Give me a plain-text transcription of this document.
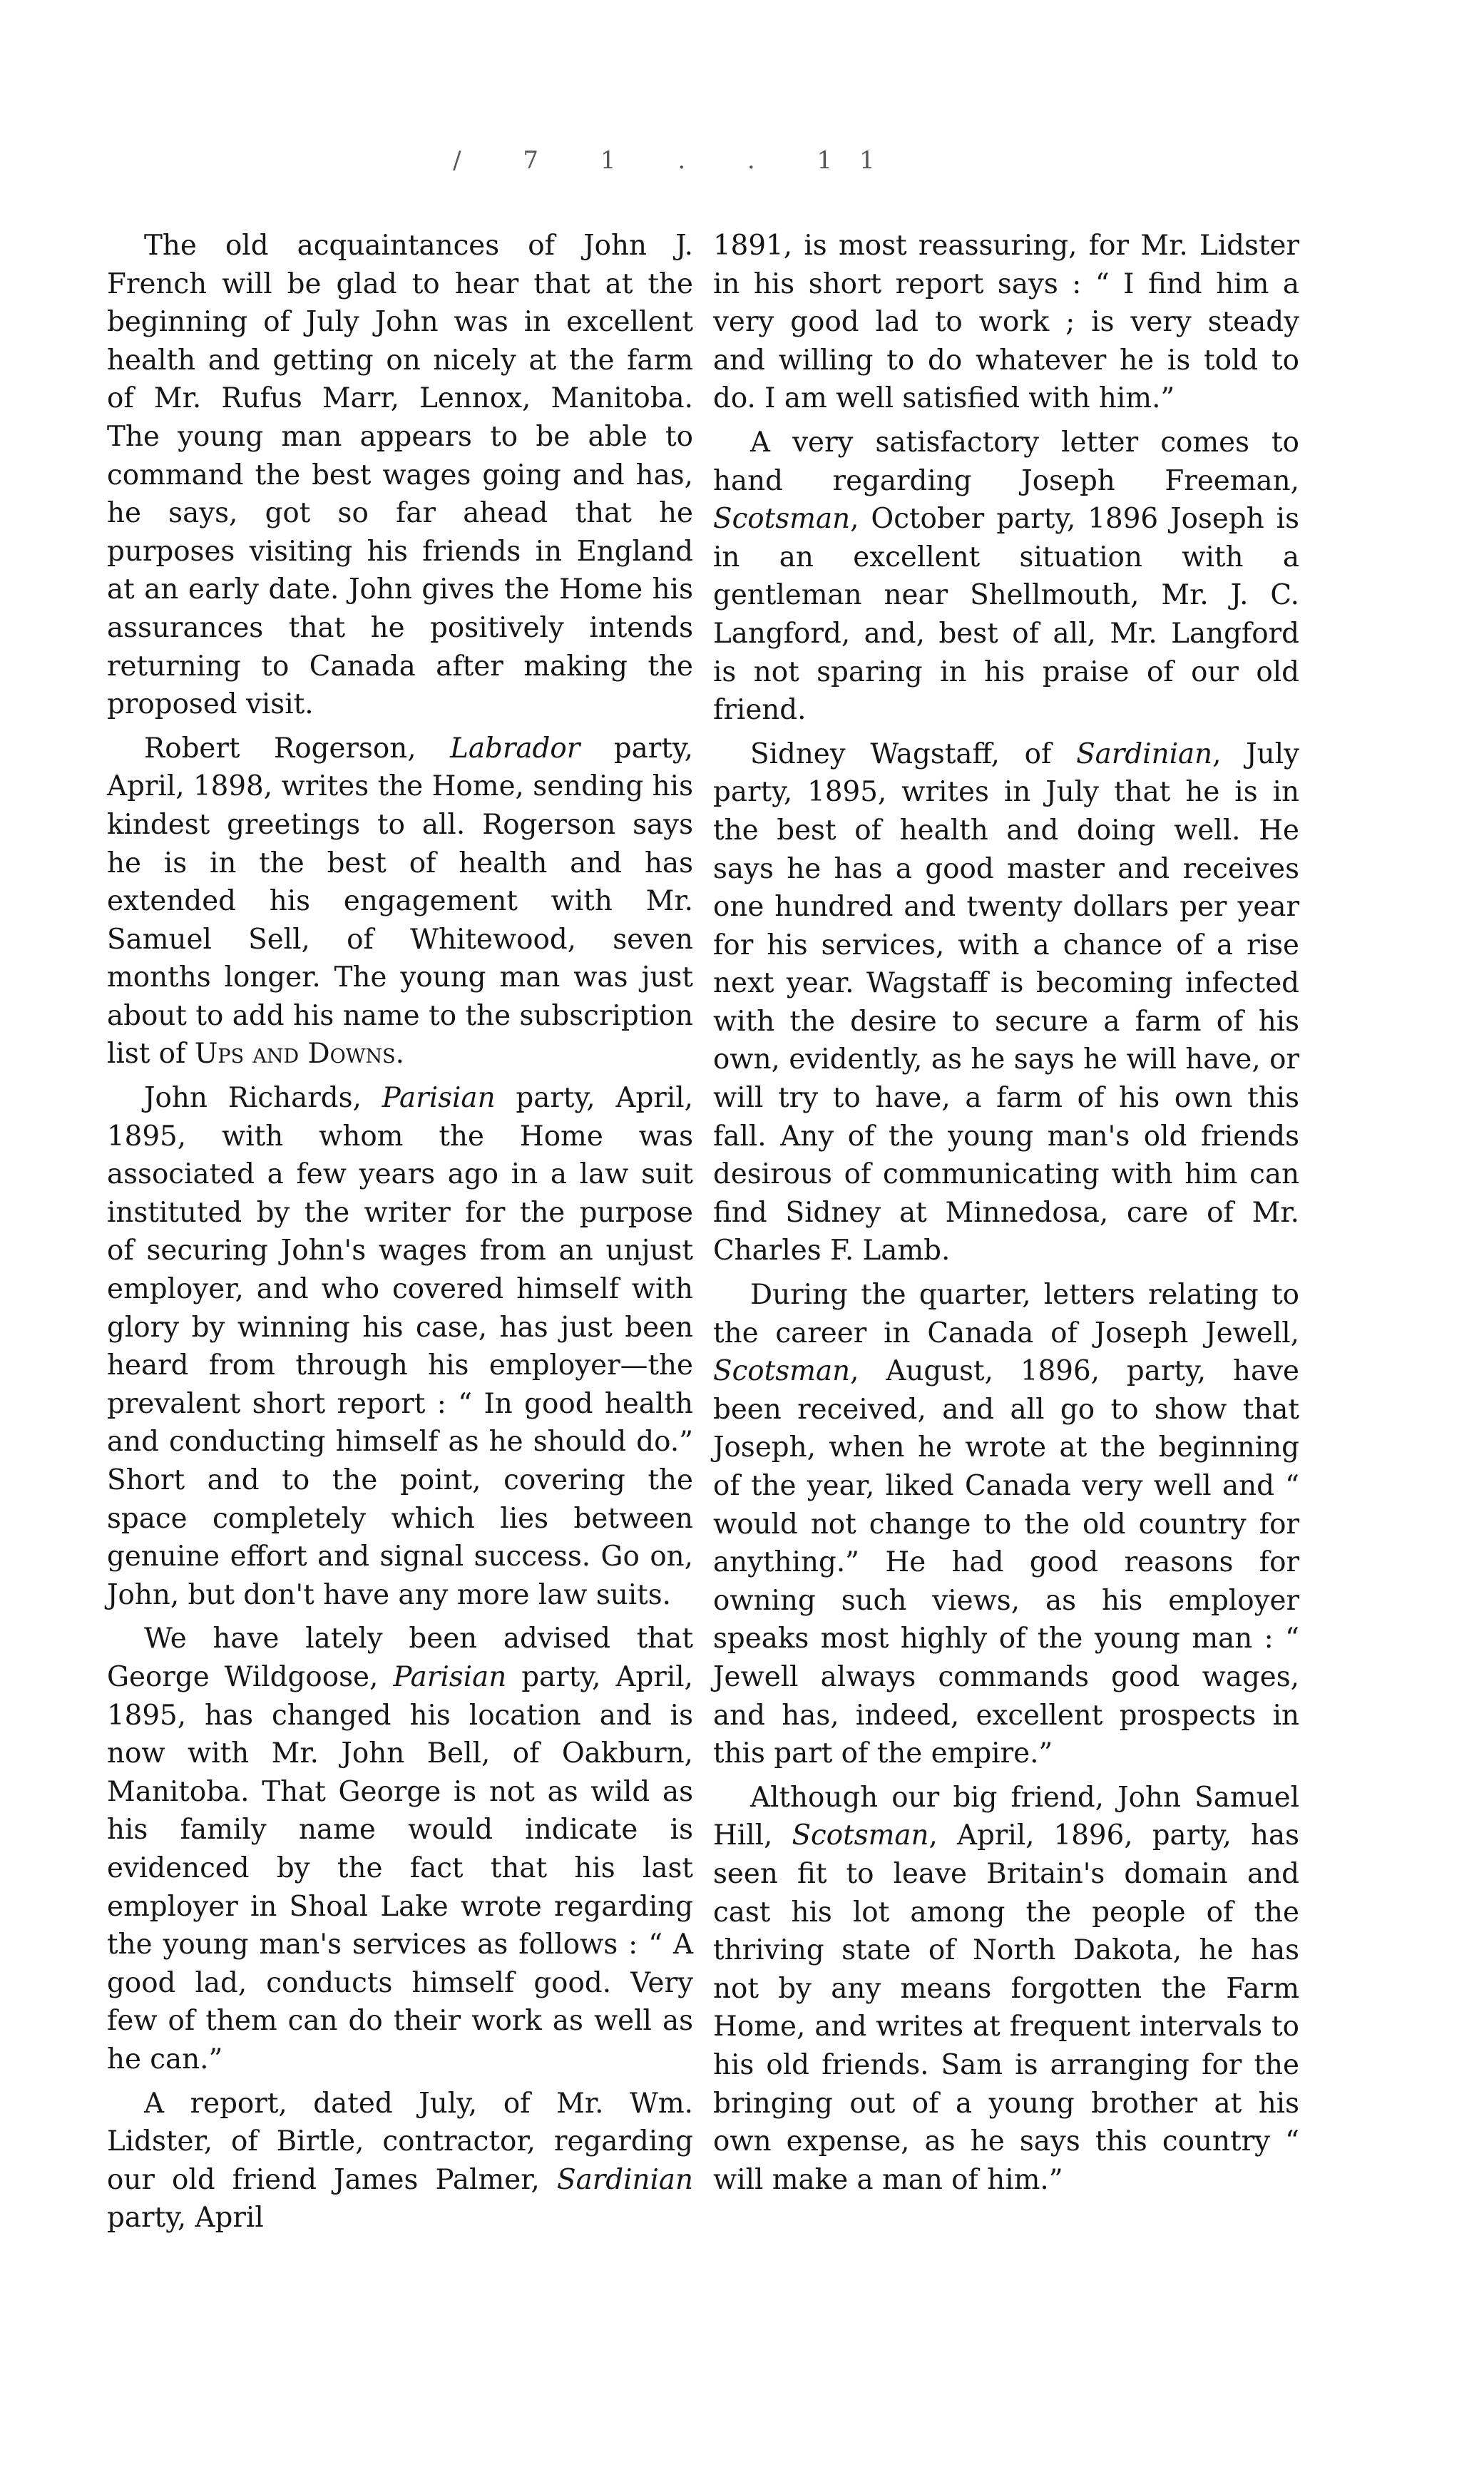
/ 7 1 . . 11

The old acquaintances of John J. French will be glad to hear that at the beginning of July John was in excellent health and getting on nicely at the farm of Mr. Rufus Marr, Lennox, Manitoba. The young man appears to be able to command the best wages going and has, he says, got so far ahead that he purposes visiting his friends in England at an early date. John gives the Home his assurances that he positively intends returning to Canada after making the proposed visit.

Robert Rogerson, Labrador party, April, 1898, writes the Home, sending his kindest greetings to all. Rogerson says he is in the best of health and has extended his engagement with Mr. Samuel Sell, of Whitewood, seven months longer. The young man was just about to add his name to the subscription list of Ups and Downs.

John Richards, Parisian party, April, 1895, with whom the Home was associated a few years ago in a law suit instituted by the writer for the purpose of securing John's wages from an unjust employer, and who covered himself with glory by winning his case, has just been heard from through his employer—the prevalent short report : “ In good health and conducting himself as he should do.” Short and to the point, covering the space completely which lies between genuine effort and signal success. Go on, John, but don't have any more law suits.

We have lately been advised that George Wildgoose, Parisian party, April, 1895, has changed his location and is now with Mr. John Bell, of Oakburn, Manitoba. That George is not as wild as his family name would indicate is evidenced by the fact that his last employer in Shoal Lake wrote regarding the young man's services as follows : “ A good lad, conducts himself good. Very few of them can do their work as well as he can.”

A report, dated July, of Mr. Wm. Lidster, of Birtle, contractor, regarding our old friend James Palmer, Sardinian party, April

1891, is most reassuring, for Mr. Lidster in his short report says : “ I find him a very good lad to work ; is very steady and willing to do whatever he is told to do. I am well satisfied with him.”

A very satisfactory letter comes to hand regarding Joseph Freeman, Scotsman, October party, 1896 Joseph is in an excellent situation with a gentleman near Shellmouth, Mr. J. C. Langford, and, best of all, Mr. Langford is not sparing in his praise of our old friend.

Sidney Wagstaff, of Sardinian, July party, 1895, writes in July that he is in the best of health and doing well. He says he has a good master and receives one hundred and twenty dollars per year for his services, with a chance of a rise next year. Wagstaff is becoming infected with the desire to secure a farm of his own, evidently, as he says he will have, or will try to have, a farm of his own this fall. Any of the young man's old friends desirous of communicating with him can find Sidney at Minnedosa, care of Mr. Charles F. Lamb.

During the quarter, letters relating to the career in Canada of Joseph Jewell, Scotsman, August, 1896, party, have been received, and all go to show that Joseph, when he wrote at the beginning of the year, liked Canada very well and “ would not change to the old country for anything.” He had good reasons for owning such views, as his employer speaks most highly of the young man : “ Jewell always commands good wages, and has, indeed, excellent prospects in this part of the empire.”

Although our big friend, John Samuel Hill, Scotsman, April, 1896, party, has seen fit to leave Britain's domain and cast his lot among the people of the thriving state of North Dakota, he has not by any means forgotten the Farm Home, and writes at frequent intervals to his old friends. Sam is arranging for the bringing out of a young brother at his own expense, as he says this country “ will make a man of him.”
